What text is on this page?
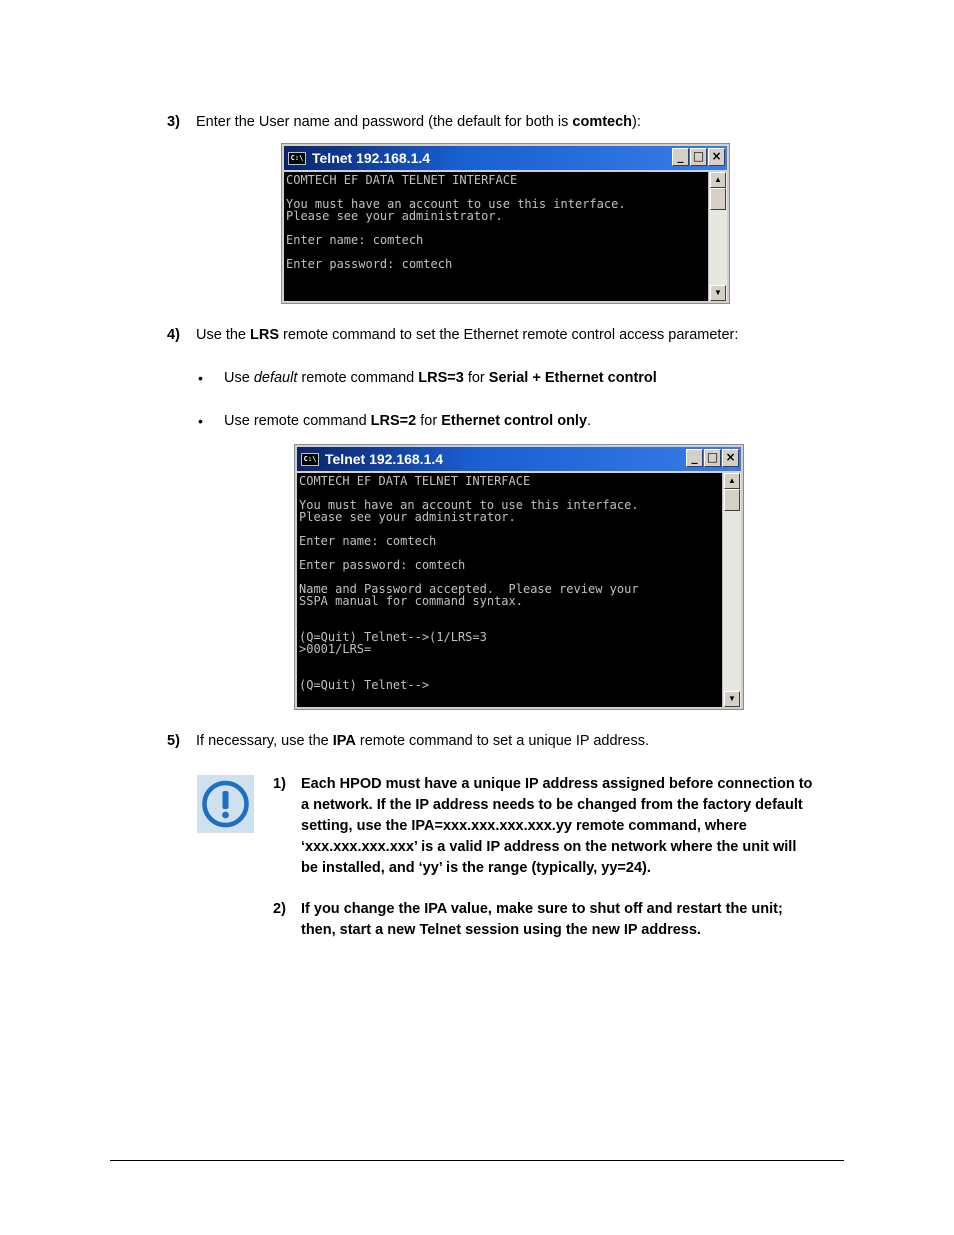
3) Enter the User name and password (the default for both is comtech):
C:\ Telnet 192.168.1.4	_ □ ×
COMTECH EF DATA TELNET INTERFACE
You must have an account to use this interface.
Please see your administrator.
Enter name: comtech
Enter password: comtech
▲
▼
4) Use the LRS remote command to set the Ethernet remote control access parameter:
• Use default remote command LRS=3 for Serial + Ethernet control
• Use remote command LRS=2 for Ethernet control only.
C:\ Telnet 192.168.1.4	_ □ ×
COMTECH EF DATA TELNET INTERFACE
You must have an account to use this interface.
Please see your administrator.
Enter name: comtech
Enter password: comtech
Name and Password accepted.  Please review your
SSPA manual for command syntax.
(Q=Quit) Telnet-->(1/LRS=3
>0001/LRS=
(Q=Quit) Telnet-->
▲
▼
5) If necessary, use the IPA remote command to set a unique IP address.
1) Each HPOD must have a unique IP address assigned before connection to a network. If the IP address needs to be changed from the factory default setting, use the IPA=xxx.xxx.xxx.xxx.yy remote command, where ‘xxx.xxx.xxx.xxx’ is a valid IP address on the network where the unit will be installed, and ‘yy’ is the range (typically, yy=24).
2) If you change the IPA value, make sure to shut off and restart the unit; then, start a new Telnet session using the new IP address.
